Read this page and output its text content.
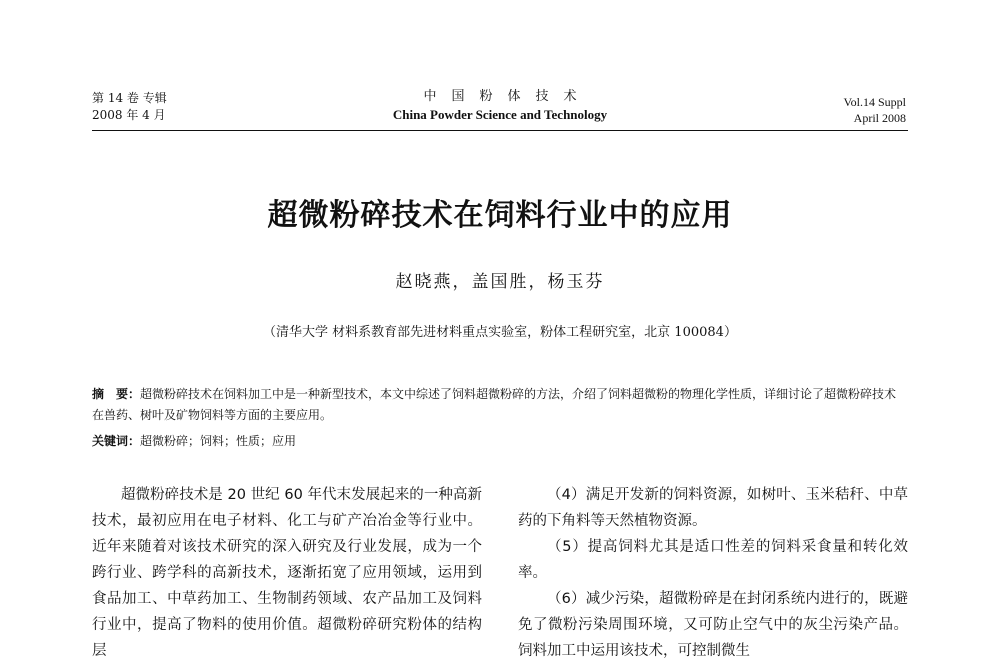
第 14 卷 专辑
2008 年 4 月
中国粉体技术
China Powder Science and Technology
Vol.14 Suppl
April 2008
超微粉碎技术在饲料行业中的应用
赵晓燕，盖国胜，杨玉芬
（清华大学 材料系教育部先进材料重点实验室，粉体工程研究室，北京 100084）
摘　要：超微粉碎技术在饲料加工中是一种新型技术，本文中综述了饲料超微粉碎的方法，介绍了饲料超微粉的物理化学性质，详细讨论了超微粉碎技术在兽药、树叶及矿物饲料等方面的主要应用。
关键词：超微粉碎；饲料；性质；应用

超微粉碎技术是 20 世纪 60 年代末发展起来的一种高新技术，最初应用在电子材料、化工与矿产冶冶金等行业中。近年来随着对该技术研究的深入研究及行业发展，成为一个跨行业、跨学科的高新技术，逐渐拓宽了应用领域，运用到食品加工、中草药加工、生物制药领域、农产品加工及饲料行业中，提高了物料的使用价值。超微粉碎研究粉体的结构层

（4）满足开发新的饲料资源，如树叶、玉米秸秆、中草药的下角料等天然植物资源。

（5）提高饲料尤其是适口性差的饲料采食量和转化效率。

（6）减少污染，超微粉碎是在封闭系统内进行的，既避免了微粉污染周围环境，又可防止空气中的灰尘污染产品。饲料加工中运用该技术，可控制微生
